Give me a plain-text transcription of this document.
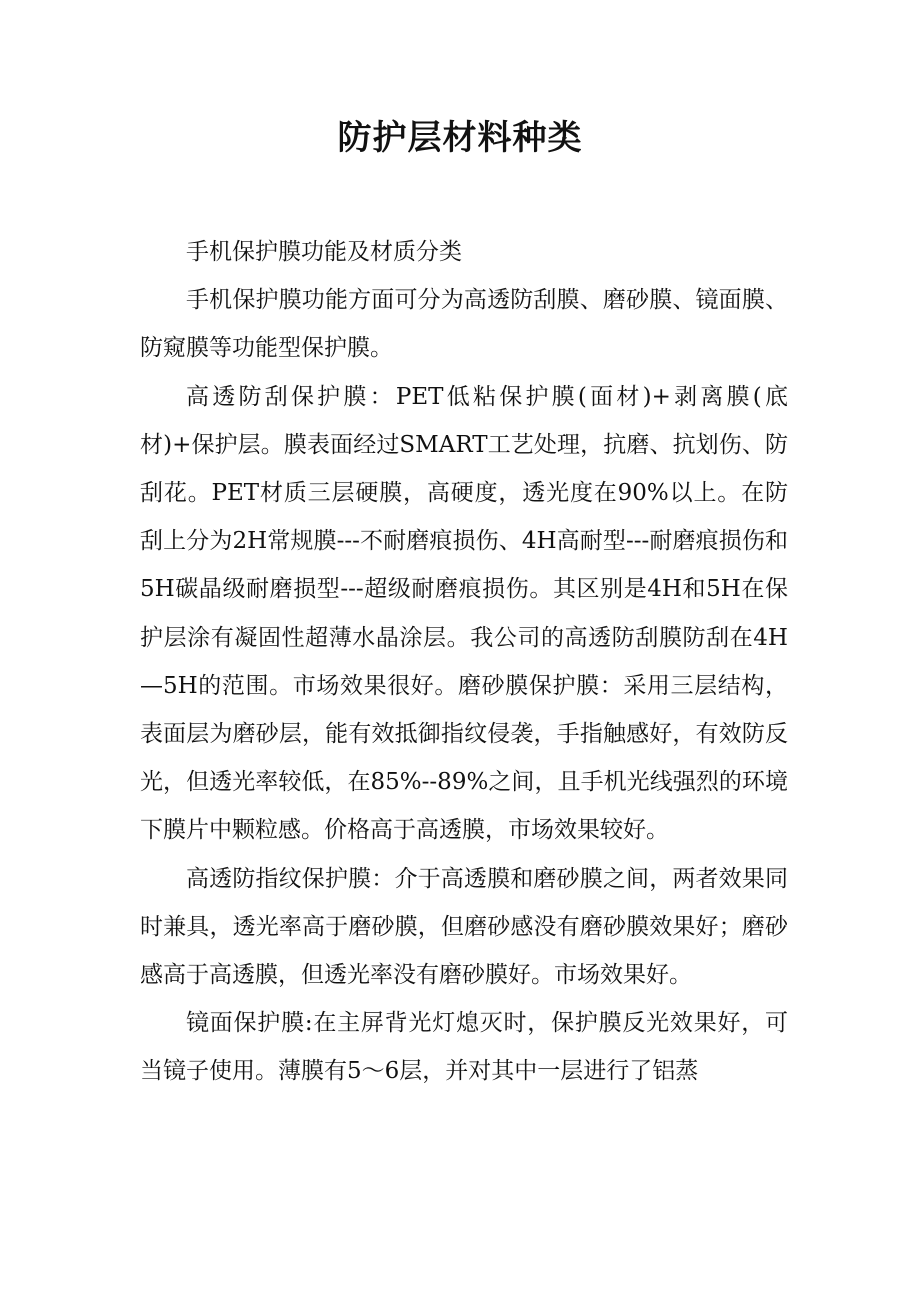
防护层材料种类

手机保护膜功能及材质分类

手机保护膜功能方面可分为高透防刮膜、磨砂膜、镜面膜、防窥膜等功能型保护膜。

高透防刮保护膜：PET低粘保护膜(面材)+剥离膜(底材)+保护层。膜表面经过SMART工艺处理，抗磨、抗划伤、防刮花。PET材质三层硬膜，高硬度，透光度在90%以上。在防刮上分为2H常规膜---不耐磨痕损伤、4H高耐型---耐磨痕损伤和5H碳晶级耐磨损型---超级耐磨痕损伤。其区别是4H和5H在保护层涂有凝固性超薄水晶涂层。我公司的高透防刮膜防刮在4H—5H的范围。市场效果很好。磨砂膜保护膜：采用三层结构，表面层为磨砂层，能有效抵御指纹侵袭，手指触感好，有效防反光，但透光率较低，在85%--89%之间，且手机光线强烈的环境下膜片中颗粒感。价格高于高透膜，市场效果较好。

高透防指纹保护膜：介于高透膜和磨砂膜之间，两者效果同时兼具，透光率高于磨砂膜，但磨砂感没有磨砂膜效果好；磨砂感高于高透膜，但透光率没有磨砂膜好。市场效果好。

镜面保护膜:在主屏背光灯熄灭时，保护膜反光效果好，可当镜子使用。薄膜有5～6层，并对其中一层进行了铝蒸
